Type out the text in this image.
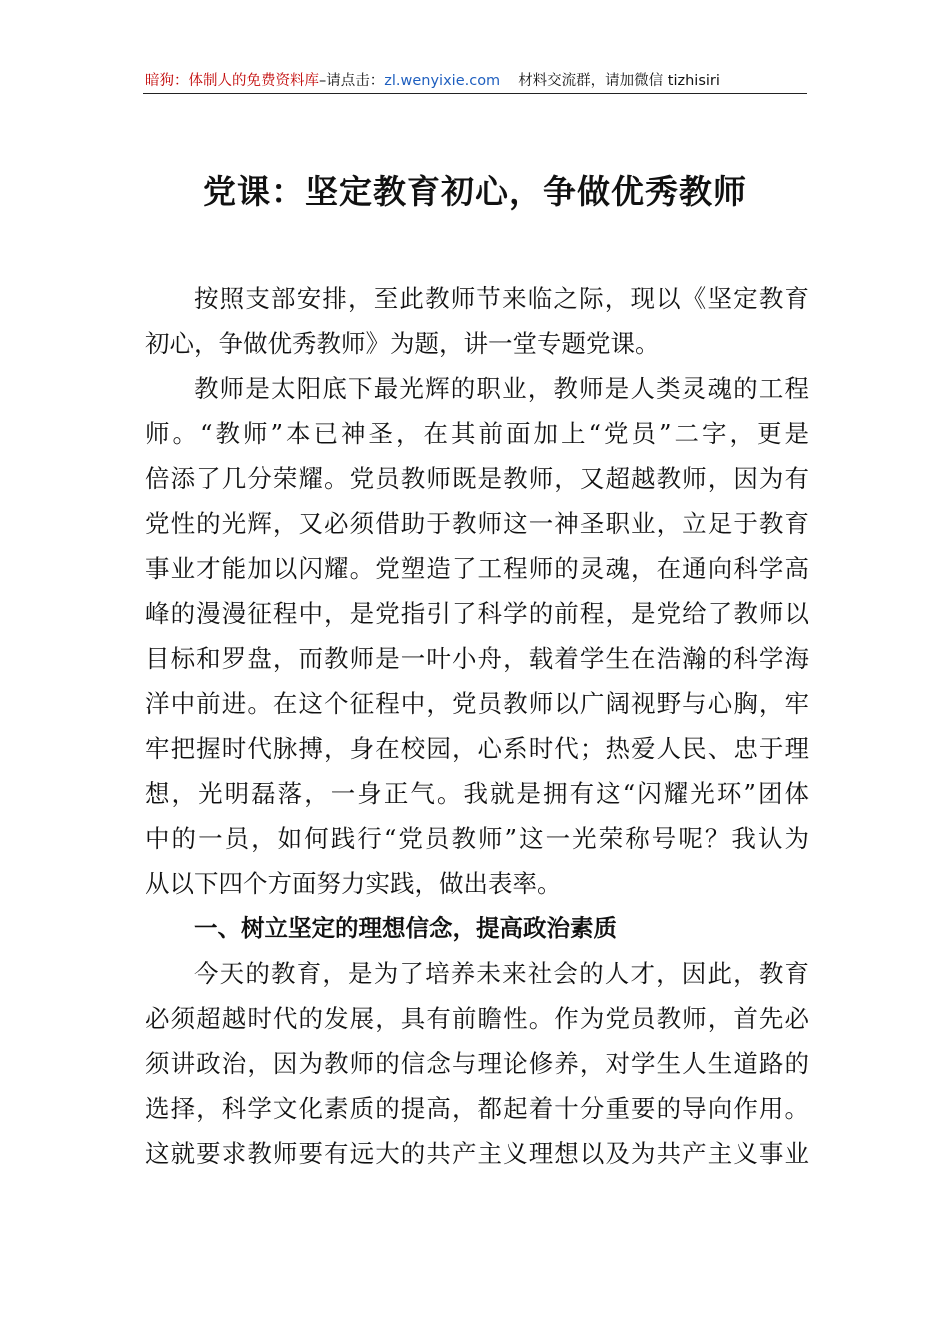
暗狗：体制人的免费资料库–请点击：zl.wenyixie.com 材料交流群，请加微信 tizhisiri
党课：坚定教育初心，争做优秀教师
按照支部安排，至此教师节来临之际，现以《坚定教育
初心，争做优秀教师》为题，讲一堂专题党课。
教师是太阳底下最光辉的职业，教师是人类灵魂的工程
师。“教师”本已神圣，在其前面加上“党员”二字，更是
倍添了几分荣耀。党员教师既是教师，又超越教师，因为有
党性的光辉，又必须借助于教师这一神圣职业，立足于教育
事业才能加以闪耀。党塑造了工程师的灵魂，在通向科学高
峰的漫漫征程中，是党指引了科学的前程，是党给了教师以
目标和罗盘，而教师是一叶小舟，载着学生在浩瀚的科学海
洋中前进。在这个征程中，党员教师以广阔视野与心胸，牢
牢把握时代脉搏，身在校园，心系时代；热爱人民、忠于理
想，光明磊落，一身正气。我就是拥有这“闪耀光环”团体
中的一员，如何践行“党员教师”这一光荣称号呢？我认为
从以下四个方面努力实践，做出表率。
一、树立坚定的理想信念，提高政治素质
今天的教育，是为了培养未来社会的人才，因此，教育
必须超越时代的发展，具有前瞻性。作为党员教师，首先必
须讲政治，因为教师的信念与理论修养，对学生人生道路的
选择，科学文化素质的提高，都起着十分重要的导向作用。
这就要求教师要有远大的共产主义理想以及为共产主义事业
